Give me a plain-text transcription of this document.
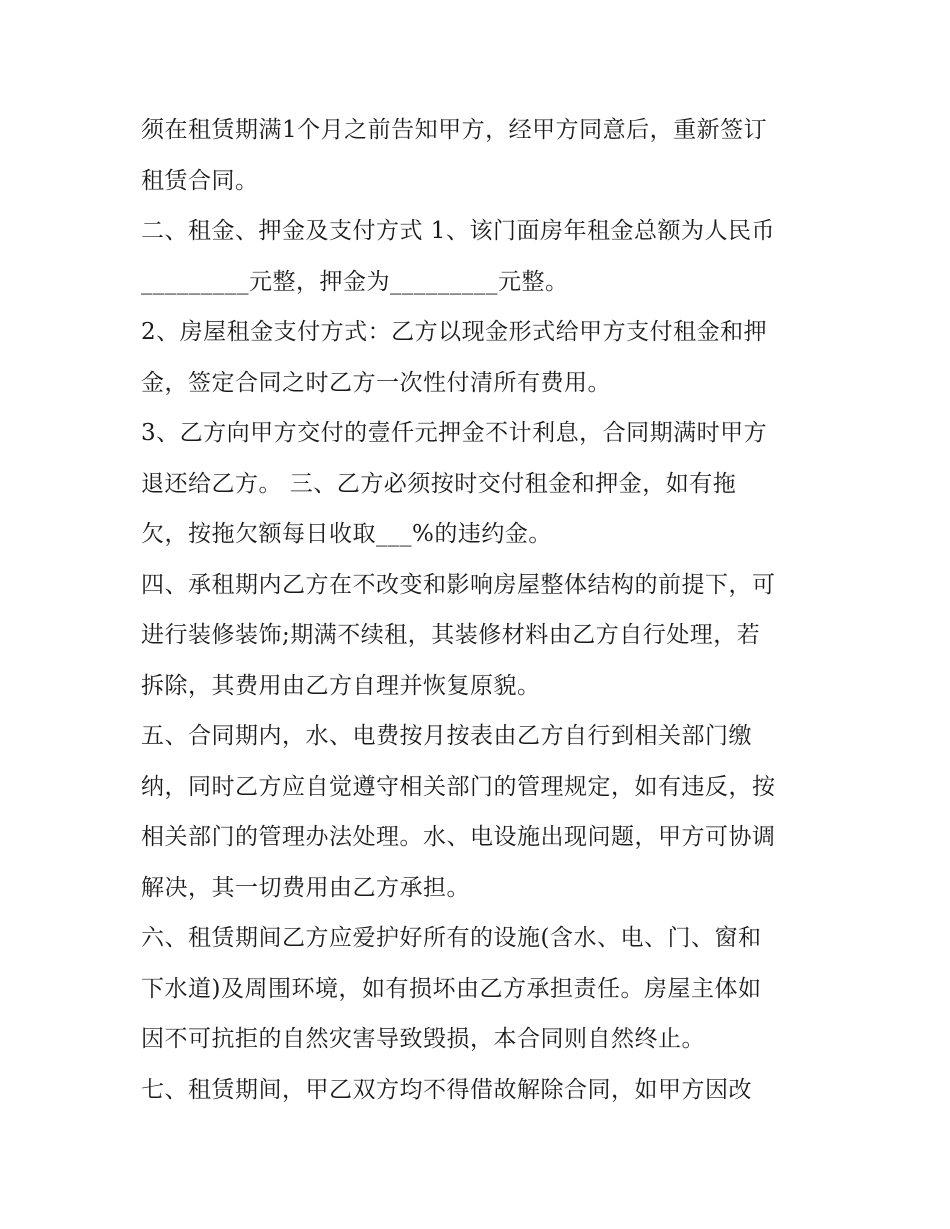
须在租赁期满1个月之前告知甲方，经甲方同意后，重新签订
租赁合同。
二、租金、押金及支付方式 1、该门面房年租金总额为人民币
_________元整，押金为_________元整。
2、房屋租金支付方式：乙方以现金形式给甲方支付租金和押
金，签定合同之时乙方一次性付清所有费用。
3、乙方向甲方交付的壹仟元押金不计利息，合同期满时甲方
退还给乙方。 三、乙方必须按时交付租金和押金，如有拖
欠，按拖欠额每日收取___%的违约金。
四、承租期内乙方在不改变和影响房屋整体结构的前提下，可
进行装修装饰;期满不续租，其装修材料由乙方自行处理，若
拆除，其费用由乙方自理并恢复原貌。
五、合同期内，水、电费按月按表由乙方自行到相关部门缴
纳，同时乙方应自觉遵守相关部门的管理规定，如有违反，按
相关部门的管理办法处理。水、电设施出现问题，甲方可协调
解决，其一切费用由乙方承担。
六、租赁期间乙方应爱护好所有的设施(含水、电、门、窗和
下水道)及周围环境，如有损坏由乙方承担责任。房屋主体如
因不可抗拒的自然灾害导致毁损，本合同则自然终止。
七、租赁期间，甲乙双方均不得借故解除合同，如甲方因改
